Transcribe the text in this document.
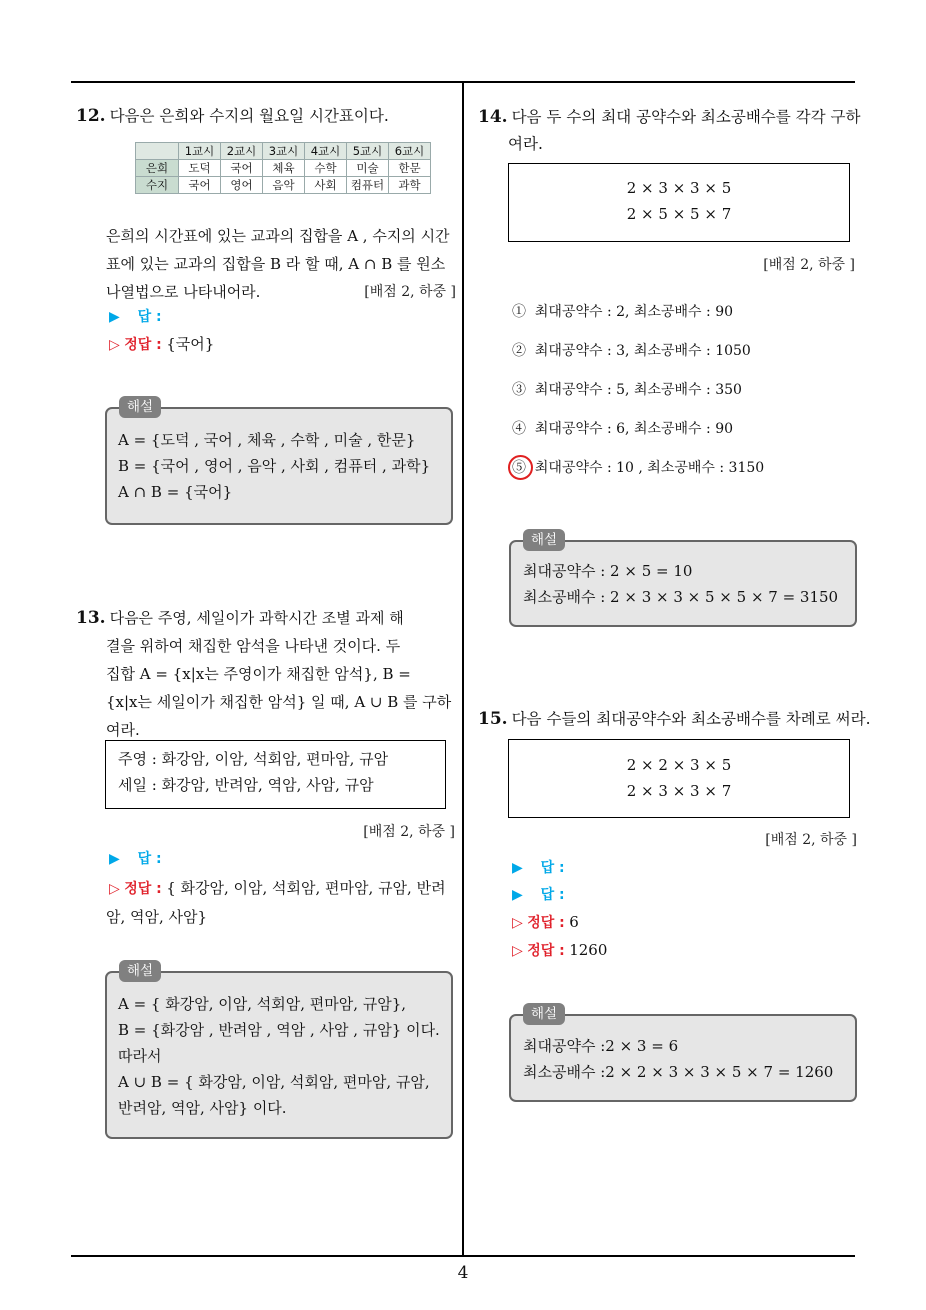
4
12. 다음은 은희와 수지의 월요일 시간표이다.
	1교시	2교시	3교시	4교시	5교시	6교시
은희	도덕	국어	체육	수학	미술	한문
수지	국어	영어	음악	사회	컴퓨터	과학
은희의 시간표에 있는 교과의 집합을 A , 수지의 시간
표에 있는 교과의 집합을 B 라 할 때, A ∩ B 를 원소
나열법으로 나타내어라.	[배점 2, 하중 ]
▶ 답 :
▷ 정답 : {국어}
해설
A = {도덕 , 국어 , 체육 , 수학 , 미술 , 한문}
B = {국어 , 영어 , 음악 , 사회 , 컴퓨터 , 과학}
A ∩ B = {국어}
13. 다음은 주영, 세일이가 과학시간 조별 과제 해
결을 위하여 채집한 암석을 나타낸 것이다. 두
집합 A = {x|x는 주영이가 채집한 암석}, B =
{x|x는 세일이가 채집한 암석} 일 때, A ∪ B 를 구하
여라.
주영 : 화강암, 이암, 석회암, 편마암, 규암
세일 : 화강암, 반려암, 역암, 사암, 규암
[배점 2, 하중 ]
▶ 답 :
▷ 정답 : { 화강암, 이암, 석회암, 편마암, 규암, 반려
암, 역암, 사암}
해설
A = { 화강암, 이암, 석회암, 편마암, 규암},
B = {화강암 , 반려암 , 역암 , 사암 , 규암} 이다.
따라서
A ∪ B = { 화강암, 이암, 석회암, 편마암, 규암,
반려암, 역암, 사암} 이다.
14. 다음 두 수의 최대 공약수와 최소공배수를 각각 구하
여라.
2 × 3 × 3 × 5
2 × 5 × 5 × 7
[배점 2, 하중 ]
① 최대공약수 : 2, 최소공배수 : 90
② 최대공약수 : 3, 최소공배수 : 1050
③ 최대공약수 : 5, 최소공배수 : 350
④ 최대공약수 : 6, 최소공배수 : 90
⑤ 최대공약수 : 10 , 최소공배수 : 3150
해설
최대공약수 : 2 × 5 = 10
최소공배수 : 2 × 3 × 3 × 5 × 5 × 7 = 3150
15. 다음 수들의 최대공약수와 최소공배수를 차례로 써라.
2 × 2 × 3 × 5
2 × 3 × 3 × 7
[배점 2, 하중 ]
▶ 답 :
▶ 답 :
▷ 정답 : 6
▷ 정답 : 1260
해설
최대공약수 :2 × 3 = 6
최소공배수 :2 × 2 × 3 × 3 × 5 × 7 = 1260
